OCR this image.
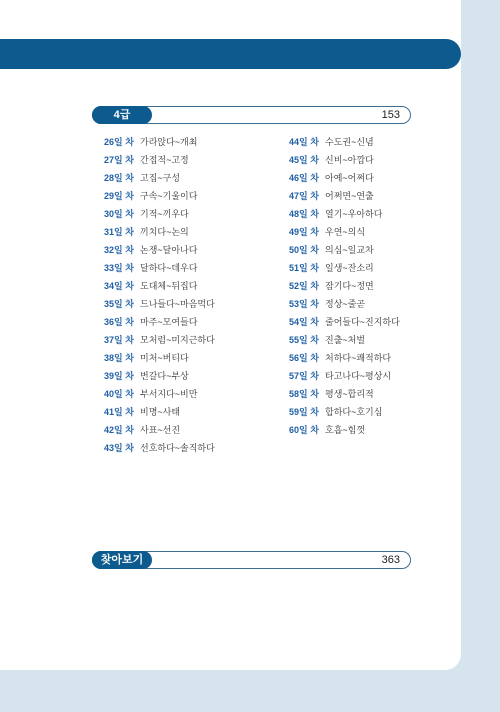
4급	153
26일 차 가라앉다~개최
27일 차 간접적~고정
28일 차 고집~구성
29일 차 구속~기울이다
30일 차 기적~끼우다
31일 차 끼치다~논의
32일 차 논쟁~달아나다
33일 차 달하다~데우다
34일 차 도대체~뒤집다
35일 차 드나들다~마음먹다
36일 차 마주~모여들다
37일 차 모처럼~미지근하다
38일 차 미처~버티다
39일 차 번갈다~부상
40일 차 부서지다~비만
41일 차 비명~사태
42일 차 사표~선진
43일 차 선호하다~솔직하다
44일 차 수도권~신념
45일 차 신비~아깝다
46일 차 아예~어쩌다
47일 차 어쩌면~연출
48일 차 열기~우아하다
49일 차 우연~의식
50일 차 의심~일교차
51일 차 일생~잔소리
52일 차 잠기다~정면
53일 차 정상~줄곧
54일 차 줄어들다~진지하다
55일 차 진출~처벌
56일 차 처하다~쾌적하다
57일 차 타고나다~평상시
58일 차 평생~합리적
59일 차 합하다~호기심
60일 차 호흡~힘껏
찾아보기	363
